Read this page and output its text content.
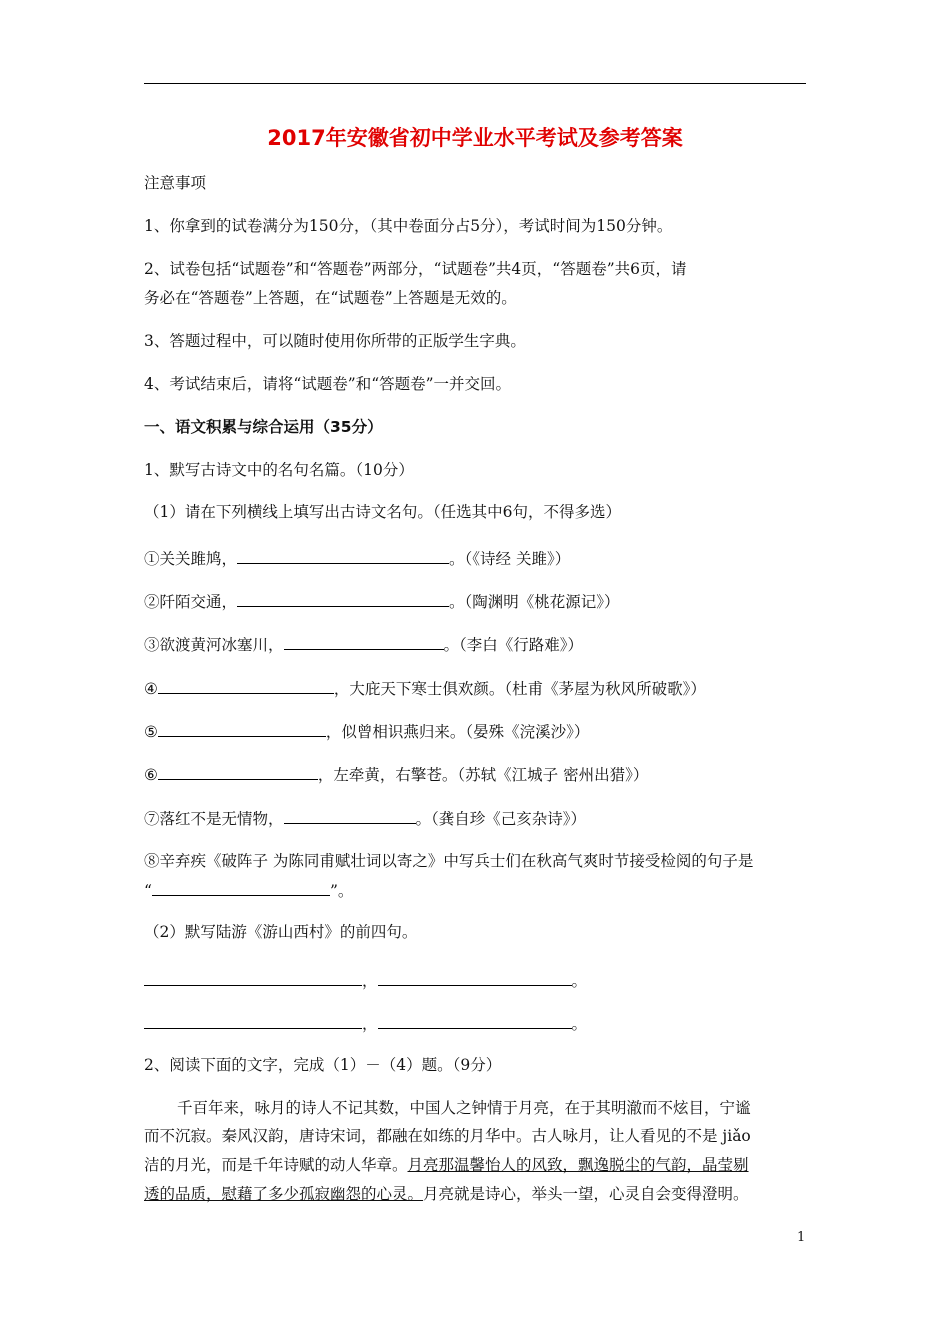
2017年安徽省初中学业水平考试及参考答案
注意事项
1、你拿到的试卷满分为150分，（其中卷面分占5分），考试时间为150分钟。
2、试卷包括“试题卷”和“答题卷”两部分，“试题卷”共4页，“答题卷”共6页，请
务必在“答题卷”上答题，在“试题卷”上答题是无效的。
3、答题过程中，可以随时使用你所带的正版学生字典。
4、考试结束后，请将“试题卷”和“答题卷”一并交回。
一、语文积累与综合运用（35分）
1、默写古诗文中的名句名篇。（10分）
（1）请在下列横线上填写出古诗文名句。（任选其中6句，不得多选）
①关关雎鸠，	。（《诗经 关雎》）
②阡陌交通，	。（陶渊明《桃花源记》）
③欲渡黄河冰塞川，	。（李白《行路难》）
④	，大庇天下寒士俱欢颜。（杜甫《茅屋为秋风所破歌》）
⑤	，似曾相识燕归来。（晏殊《浣溪沙》）
⑥	，左牵黄，右擎苍。（苏轼《江城子 密州出猎》）
⑦落红不是无情物，	。（龚自珍《己亥杂诗》）
⑧辛弃疾《破阵子 为陈同甫赋壮词以寄之》中写兵士们在秋高气爽时节接受检阅的句子是
“	”。
（2）默写陆游《游山西村》的前四句。
，	。
，	。
2、阅读下面的文字，完成（1）－（4）题。（9分）
千百年来，咏月的诗人不记其数，中国人之钟情于月亮，在于其明澈而不炫目，宁谧
而不沉寂。秦风汉韵，唐诗宋词，都融在如练的月华中。古人咏月，让人看见的不是 jiǎo
洁的月光，而是千年诗赋的动人华章。月亮那温馨怡人的风致，飘逸脱尘的气韵，晶莹剔
透的品质，慰藉了多少孤寂幽怨的心灵。月亮就是诗心，举头一望，心灵自会变得澄明。
1
